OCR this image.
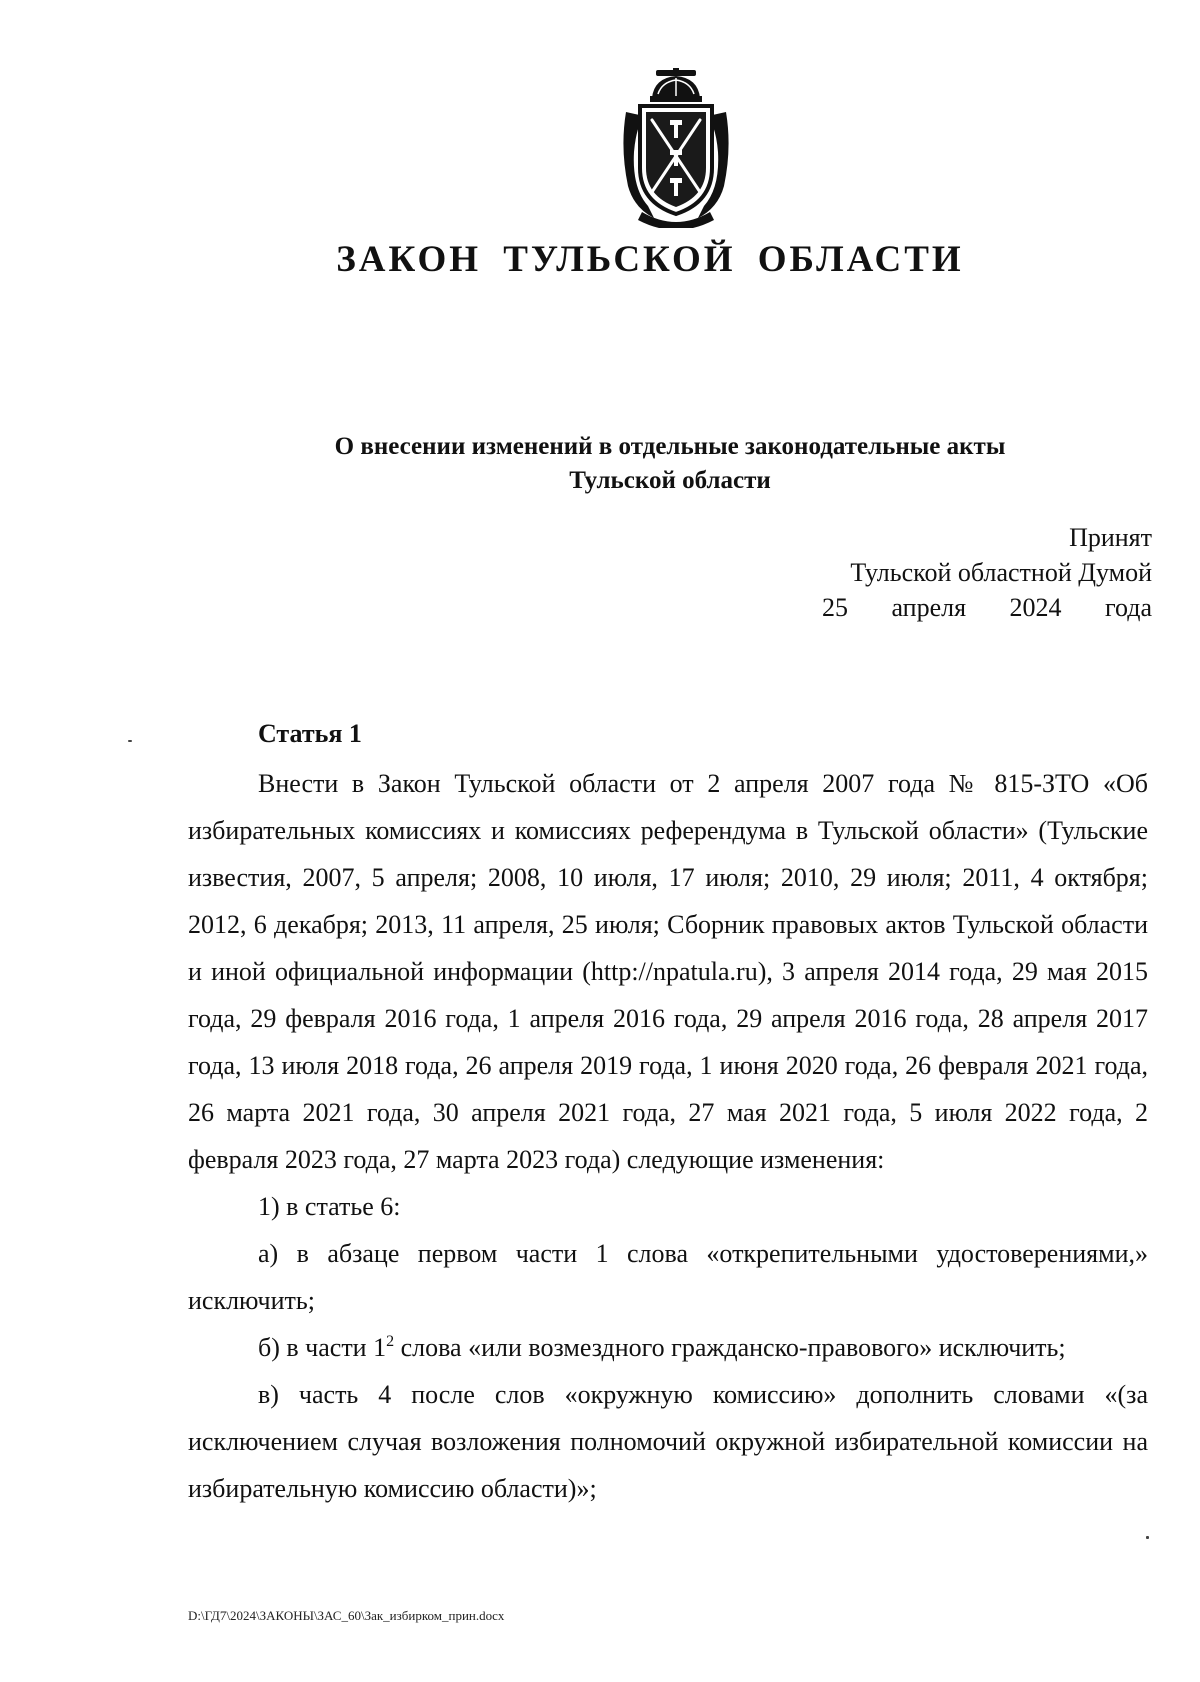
ЗАКОН ТУЛЬСКОЙ ОБЛАСТИ
О внесении изменений в отдельные законодательные акты
Тульской области
Принят
Тульской областной Думой
25 апреля 2024 года
Статья 1

Внести в Закон Тульской области от 2 апреля 2007 года № 815-ЗТО «Об избирательных комиссиях и комиссиях референдума в Тульской области» (Тульские известия, 2007, 5 апреля; 2008, 10 июля, 17 июля; 2010, 29 июля; 2011, 4 октября; 2012, 6 декабря; 2013, 11 апреля, 25 июля; Сборник правовых актов Тульской области и иной официальной информации (http://npatula.ru), 3 апреля 2014 года, 29 мая 2015 года, 29 февраля 2016 года, 1 апреля 2016 года, 29 апреля 2016 года, 28 апреля 2017 года, 13 июля 2018 года, 26 апреля 2019 года, 1 июня 2020 года, 26 февраля 2021 года, 26 марта 2021 года, 30 апреля 2021 года, 27 мая 2021 года, 5 июля 2022 года, 2 февраля 2023 года, 27 марта 2023 года) следующие изменения:

1) в статье 6:

а) в абзаце первом части 1 слова «открепительными удостоверениями,» исключить;

б) в части $1^2$ слова «или возмездного гражданско-правового» исключить;

в) часть 4 после слов «окружную комиссию» дополнить словами «(за исключением случая возложения полномочий окружной избирательной комиссии на избирательную комиссию области)»;

D:\ГД7\2024\ЗАКОНЫ\ЗАС_60\Зак_избирком_прин.docx
